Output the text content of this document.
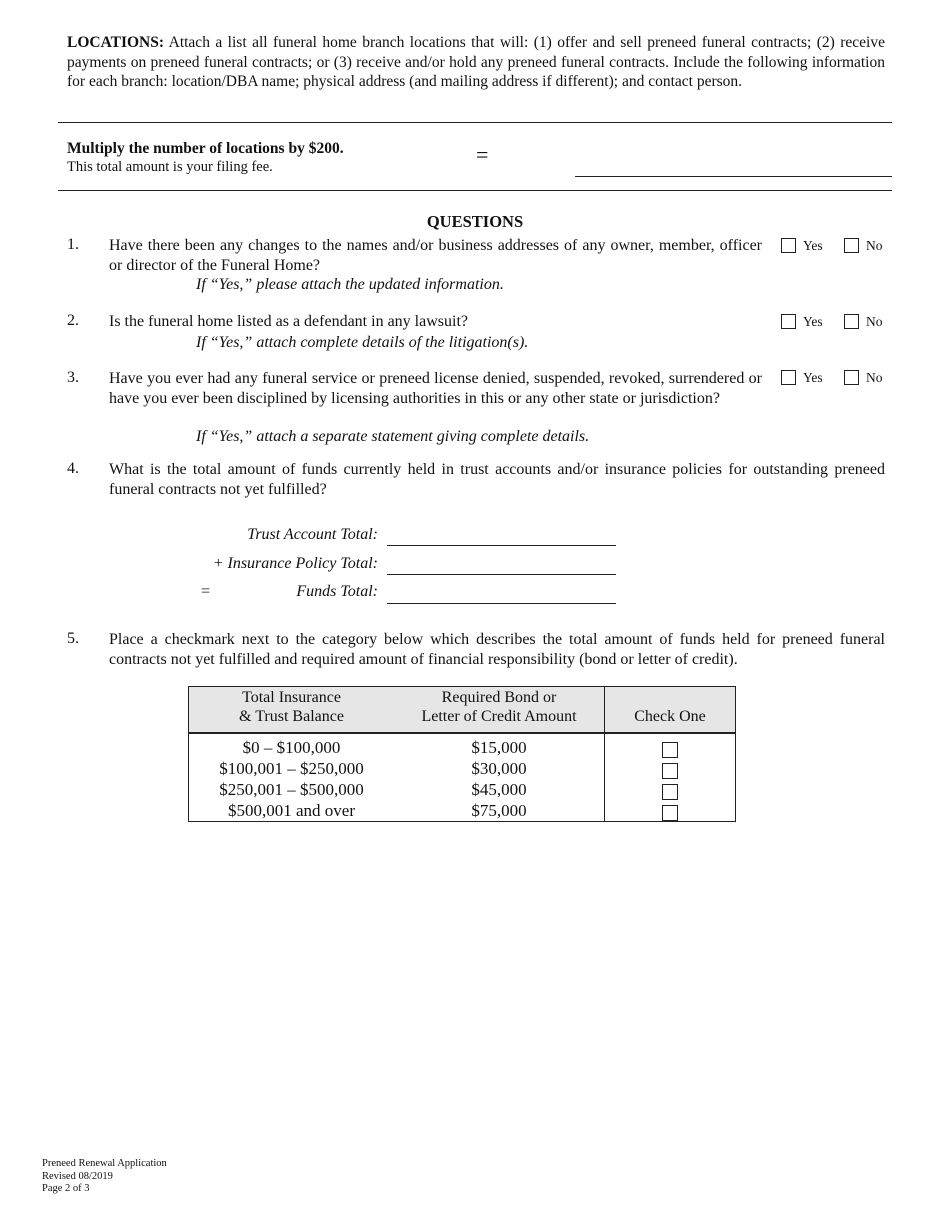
LOCATIONS: Attach a list all funeral home branch locations that will: (1) offer and sell preneed funeral contracts; (2) receive payments on preneed funeral contracts; or (3) receive and/or hold any preneed funeral contracts. Include the following information for each branch: location/DBA name; physical address (and mailing address if different); and contact person.
Multiply the number of locations by $200.
This total amount is your filing fee.	=
QUESTIONS
1. Have there been any changes to the names and/or business addresses of any owner, member, officer or director of the Funeral Home?
If “Yes,” please attach the updated information.
Yes	No
2. Is the funeral home listed as a defendant in any lawsuit?
If “Yes,” attach complete details of the litigation(s).
Yes	No
3. Have you ever had any funeral service or preneed license denied, suspended, revoked, surrendered or have you ever been disciplined by licensing authorities in this or any other state or jurisdiction?
If “Yes,” attach a separate statement giving complete details.
Yes	No
4. What is the total amount of funds currently held in trust accounts and/or insurance policies for outstanding preneed funeral contracts not yet fulfilled?
Trust Account Total:
+ Insurance Policy Total:
=	Funds Total:
5. Place a checkmark next to the category below which describes the total amount of funds held for preneed funeral contracts not yet fulfilled and required amount of financial responsibility (bond or letter of credit).
Total Insurance
& Trust Balance	Required Bond or
Letter of Credit Amount	Check One
$0 – $100,000	$15,000	
$100,001 – $250,000	$30,000	
$250,001 – $500,000	$45,000	
$500,001 and over	$75,000	
Preneed Renewal Application
Revised 08/2019
Page 2 of 3
